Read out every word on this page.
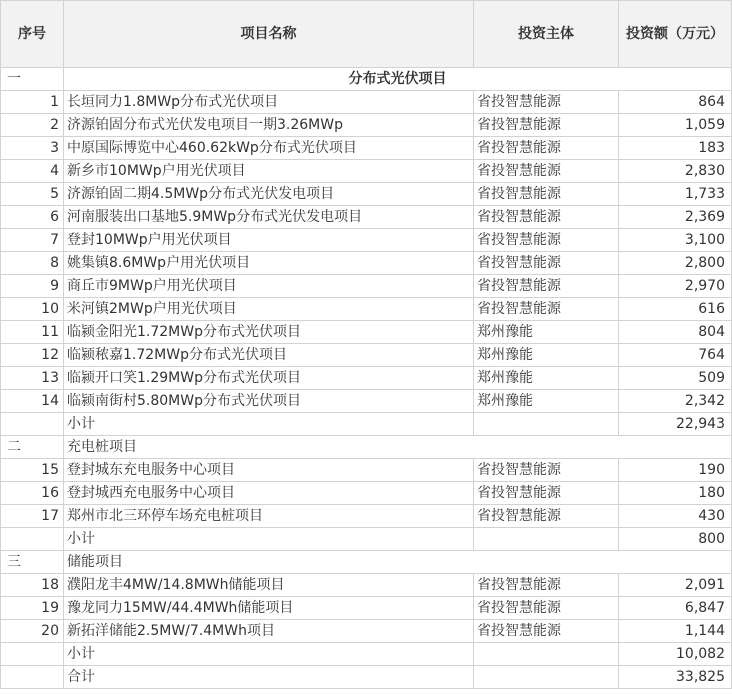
序号	项目名称	投资主体	投资额（万元）
一	分布式光伏项目		
1	长垣同力1.8MWp分布式光伏项目	省投智慧能源	864
2	济源铂固分布式光伏发电项目一期3.26MWp	省投智慧能源	1,059
3	中原国际博览中心460.62kWp分布式光伏项目	省投智慧能源	183
4	新乡市10MWp户用光伏项目	省投智慧能源	2,830
5	济源铂固二期4.5MWp分布式光伏发电项目	省投智慧能源	1,733
6	河南服装出口基地5.9MWp分布式光伏发电项目	省投智慧能源	2,369
7	登封10MWp户用光伏项目	省投智慧能源	3,100
8	姚集镇8.6MWp户用光伏项目	省投智慧能源	2,800
9	商丘市9MWp户用光伏项目	省投智慧能源	2,970
10	米河镇2MWp户用光伏项目	省投智慧能源	616
11	临颍金阳光1.72MWp分布式光伏项目	郑州豫能	804
12	临颍秾嘉1.72MWp分布式光伏项目	郑州豫能	764
13	临颍开口笑1.29MWp分布式光伏项目	郑州豫能	509
14	临颍南街村5.80MWp分布式光伏项目	郑州豫能	2,342
	小计		22,943
二	充电桩项目		
15	登封城东充电服务中心项目	省投智慧能源	190
16	登封城西充电服务中心项目	省投智慧能源	180
17	郑州市北三环停车场充电桩项目	省投智慧能源	430
	小计		800
三	储能项目		
18	濮阳龙丰4MW/14.8MWh储能项目	省投智慧能源	2,091
19	豫龙同力15MW/44.4MWh储能项目	省投智慧能源	6,847
20	新拓洋储能2.5MW/7.4MWh项目	省投智慧能源	1,144
	小计		10,082
	合计		33,825
